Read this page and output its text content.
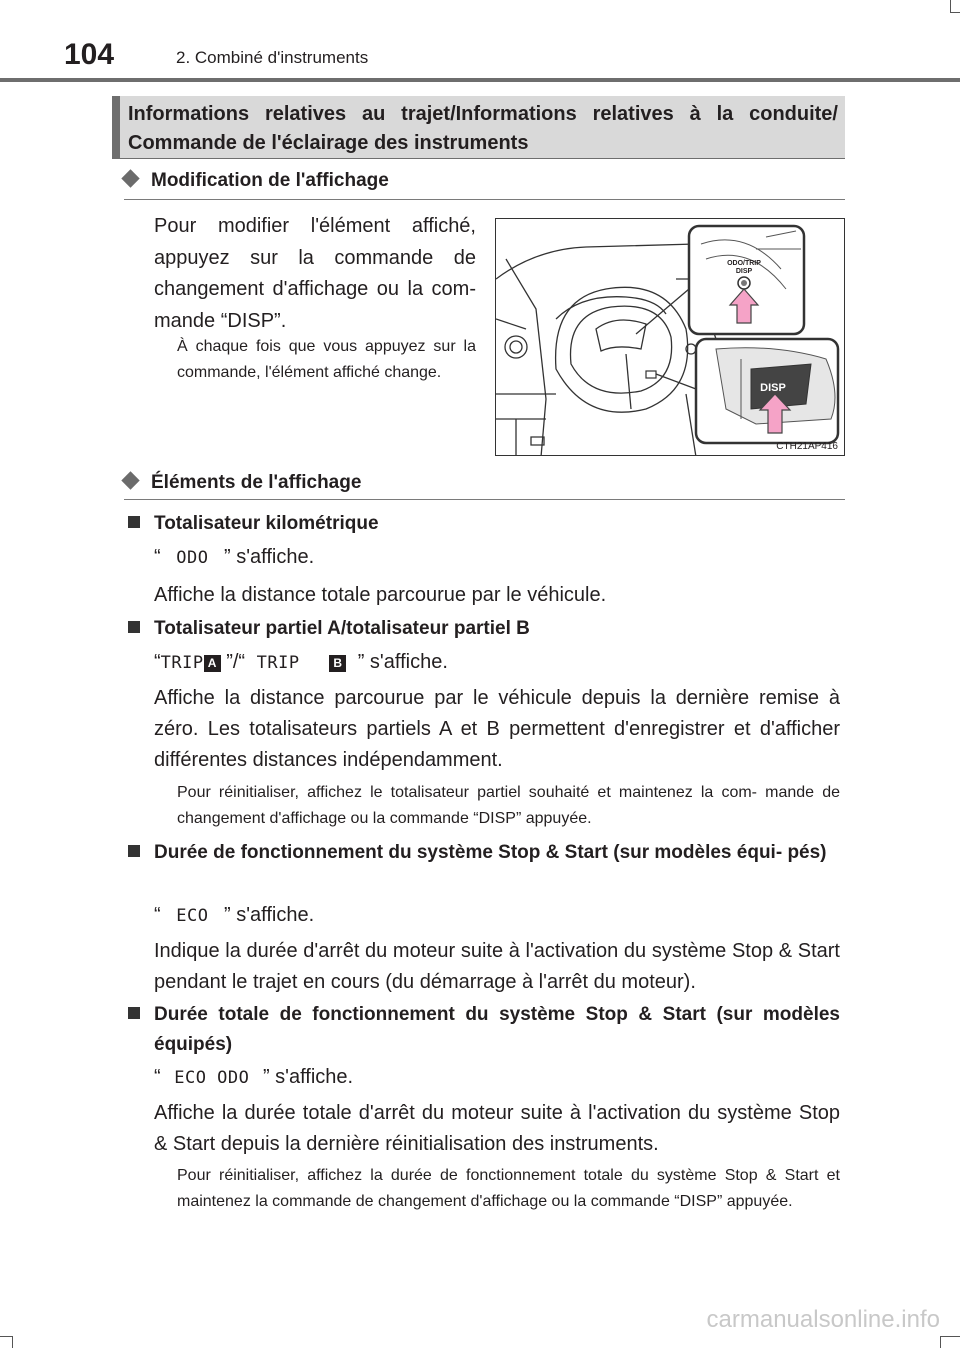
104	2. Combiné d'instruments
Informations relatives au trajet/Informations relatives à la conduite/ Commande de l'éclairage des instruments
Modification de l'affichage
Pour modifier l'élément affiché, appuyez sur la commande de changement d'affichage ou la com- mande “DISP”.
À chaque fois que vous appuyez sur la commande, l'élément affiché change.
ODO/TRIP
DISP
DISP
CTH21AP416
Éléments de l'affichage
Totalisateur kilométrique
“ ODO ” s'affiche.
Affiche la distance totale parcourue par le véhicule.
Totalisateur partiel A/totalisateur partiel B
“TRIP A ”/“ TRIP	B ” s'affiche.
Affiche la distance parcourue par le véhicule depuis la dernière remise à zéro. Les totalisateurs partiels A et B permettent d'enregistrer et d'afficher différentes distances indépendamment.
Pour réinitialiser, affichez le totalisateur partiel souhaité et maintenez la com- mande de changement d'affichage ou la commande “DISP” appuyée.
Durée de fonctionnement du système Stop & Start (sur modèles équi- pés)
“ ECO ” s'affiche.
Indique la durée d'arrêt du moteur suite à l'activation du système Stop & Start pendant le trajet en cours (du démarrage à l'arrêt du moteur).
Durée totale de fonctionnement du système Stop & Start (sur modèles équipés)
“ ECO ODO ” s'affiche.
Affiche la durée totale d'arrêt du moteur suite à l'activation du système Stop & Start depuis la dernière réinitialisation des instruments.
Pour réinitialiser, affichez la durée de fonctionnement totale du système Stop & Start et maintenez la commande de changement d'affichage ou la commande “DISP” appuyée.
carmanualsonline.info
